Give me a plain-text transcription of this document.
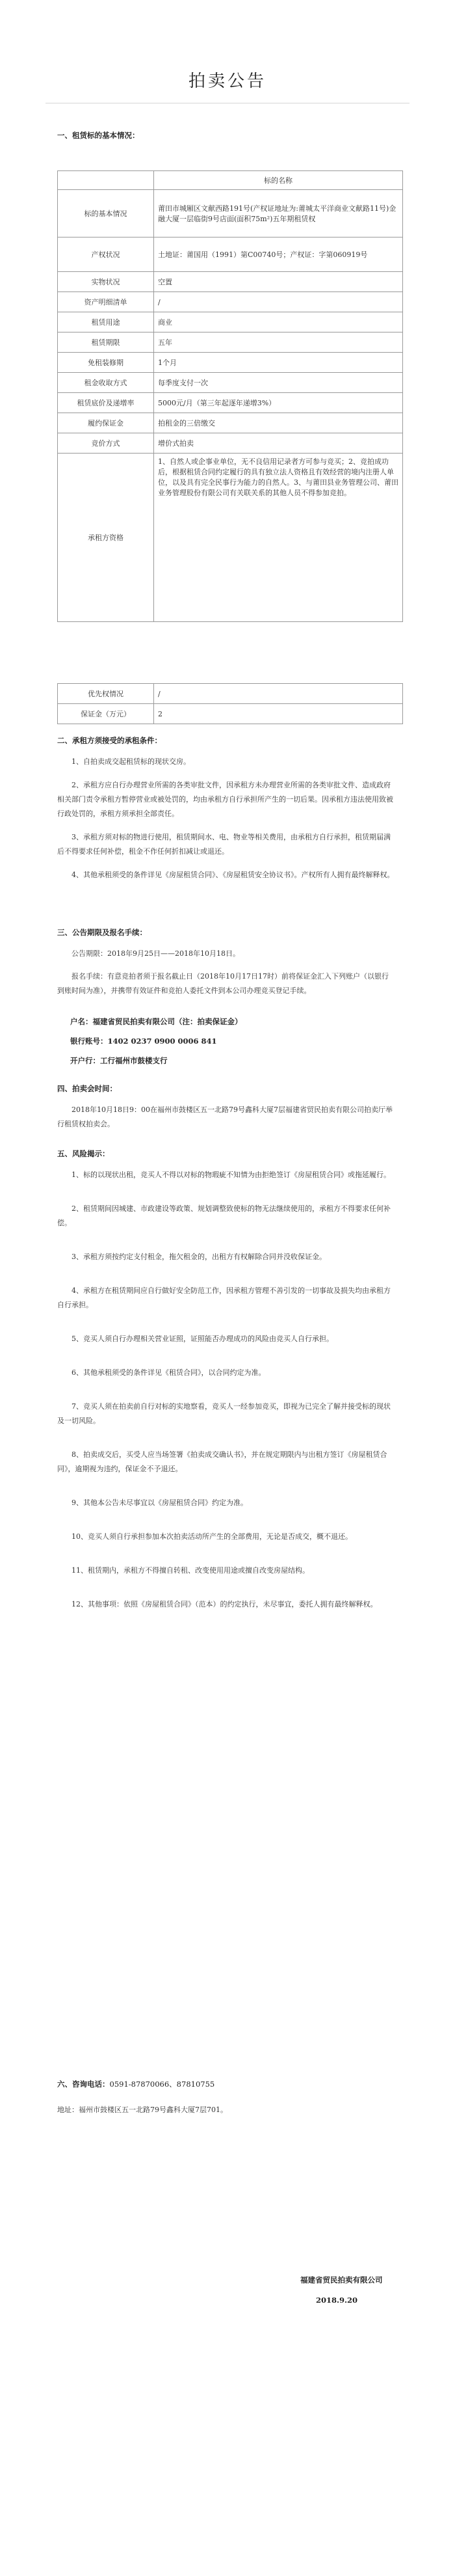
拍卖公告
一、租赁标的基本情况：
	标的名称
标的基本情况	莆田市城厢区文献西路191号(产权证地址为:莆城太平洋商业文献路11号)金融大厦一层临街9号店面(面积75m²)五年期租赁权
产权状况	土地证：莆国用（1991）第C00740号；产权证：字第060919号
实物状况	空置
资产明细清单	/
租赁用途	商业
租赁期限	五年
免租装修期	1个月
租金收取方式	每季度支付一次
租赁底价及递增率	5000元/月（第三年起逐年递增3%）
履约保证金	拍租金的三倍缴交
竞价方式	增价式拍卖
承租方资格	1、自然人或企事业单位，无不良信用记录者方可参与竞买；2、竞拍成功后，根据租赁合同约定履行的具有独立法人资格且有效经营的境内注册人单位，以及具有完全民事行为能力的自然人。3、与莆田县业务管理公司、莆田业务管理股份有限公司有关联关系的其他人员不得参加竞拍。
优先权情况	/
保证金（万元）	2
二、承租方须接受的承租条件：
1、自拍卖成交起租赁标的现状交房。
2、承租方应自行办理营业所需的各类审批文件，因承租方未办理营业所需的各类审批文件、造成政府相关部门责令承租方暂停营业或被处罚的，均由承租方自行承担所产生的一切后果。因承租方违法使用致被行政处罚的，承租方须承担全部责任。
3、承租方须对标的物进行使用，租赁期间水、电、物业等相关费用，由承租方自行承担，租赁期届满后不得要求任何补偿，租金不作任何折扣减让或退还。
4、其他承租须受的条件详见《房屋租赁合同》、《房屋租赁安全协议书》。产权所有人拥有最终解释权。
三、公告期限及报名手续：
公告期限：2018年9月25日——2018年10月18日。
报名手续：有意竞拍者须于报名截止日（2018年10月17日17时）前将保证金汇入下列账户（以银行到账时间为准），并携带有效证件和竞拍人委托文件到本公司办理竞买登记手续。
户名：福建省贸民拍卖有限公司（注：拍卖保证金）
银行账号：1402 0237 0900 0006 841
开户行：工行福州市鼓楼支行
四、拍卖会时间：
2018年10月18日9：00在福州市鼓楼区五一北路79号鑫科大厦7层福建省贸民拍卖有限公司拍卖厅举行租赁权拍卖会。
五、风险揭示：
1、标的以现状出租，竞买人不得以对标的物瑕疵不知情为由拒绝签订《房屋租赁合同》或拖延履行。
2、租赁期间因城建、市政建设等政策、规划调整致使标的物无法继续使用的，承租方不得要求任何补偿。
3、承租方须按约定支付租金，拖欠租金的，出租方有权解除合同并没收保证金。
4、承租方在租赁期间应自行做好安全防范工作，因承租方管理不善引发的一切事故及损失均由承租方自行承担。
5、竞买人须自行办理相关营业证照，证照能否办理成功的风险由竞买人自行承担。
6、其他承租须受的条件详见《租赁合同》，以合同约定为准。
7、竞买人须在拍卖前自行对标的实地察看，竞买人一经参加竞买，即视为已完全了解并接受标的现状及一切风险。
8、拍卖成交后，买受人应当场签署《拍卖成交确认书》，并在规定期限内与出租方签订《房屋租赁合同》，逾期视为违约，保证金不予退还。
9、其他本公告未尽事宜以《房屋租赁合同》约定为准。
10、竞买人须自行承担参加本次拍卖活动所产生的全部费用，无论是否成交，概不退还。
11、租赁期内，承租方不得擅自转租、改变使用用途或擅自改变房屋结构。
12、其他事项：依照《房屋租赁合同》（范本）的约定执行，未尽事宜，委托人拥有最终解释权。
六、咨询电话：0591-87870066、87810755
地址：福州市鼓楼区五一北路79号鑫科大厦7层701。
福建省贸民拍卖有限公司
2018.9.20
